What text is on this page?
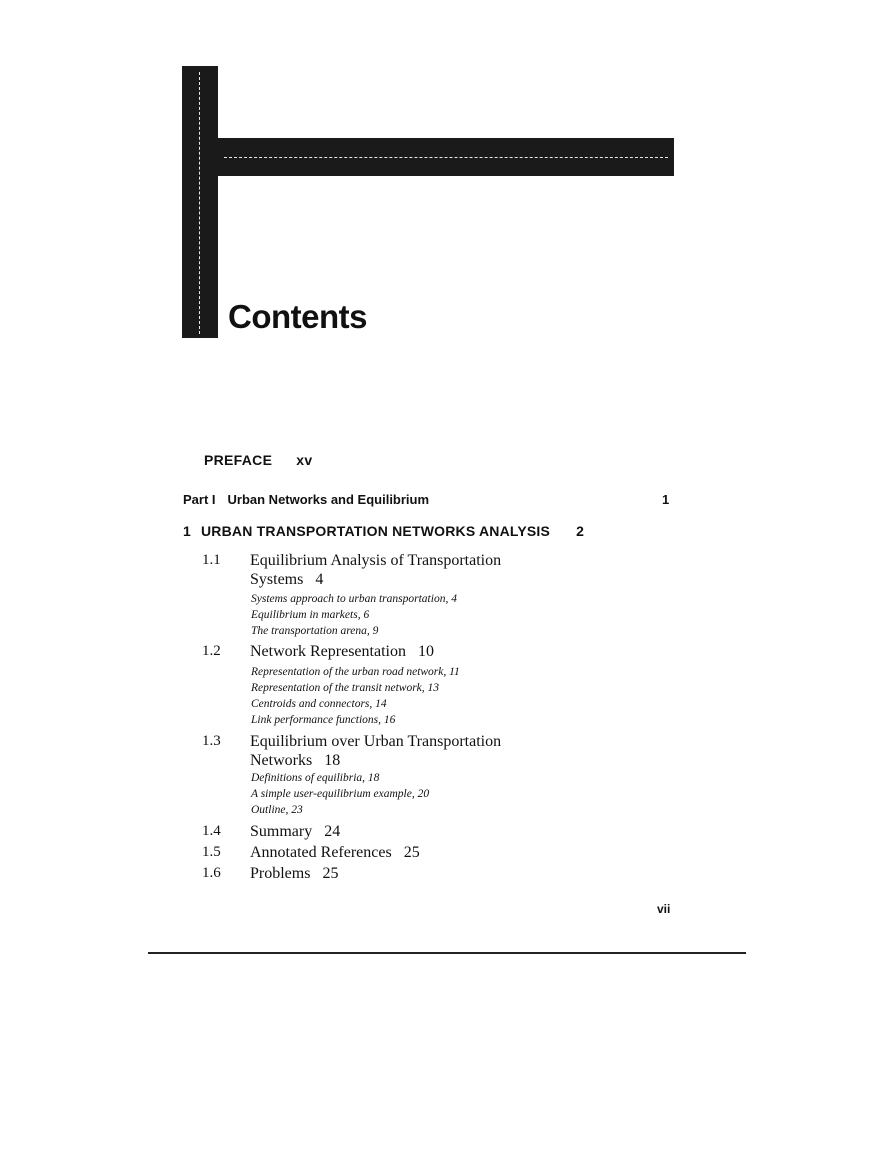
Contents
PREFACE xv
Part I Urban Networks and Equilibrium	1
1 URBAN TRANSPORTATION NETWORKS ANALYSIS 2
1.1 Equilibrium Analysis of Transportation
Systems 4
Systems approach to urban transportation, 4
Equilibrium in markets, 6
The transportation arena, 9
1.2 Network Representation 10
Representation of the urban road network, 11
Representation of the transit network, 13
Centroids and connectors, 14
Link performance functions, 16
1.3 Equilibrium over Urban Transportation
Networks 18
Definitions of equilibria, 18
A simple user-equilibrium example, 20
Outline, 23
1.4 Summary 24
1.5 Annotated References 25
1.6 Problems 25
vii
